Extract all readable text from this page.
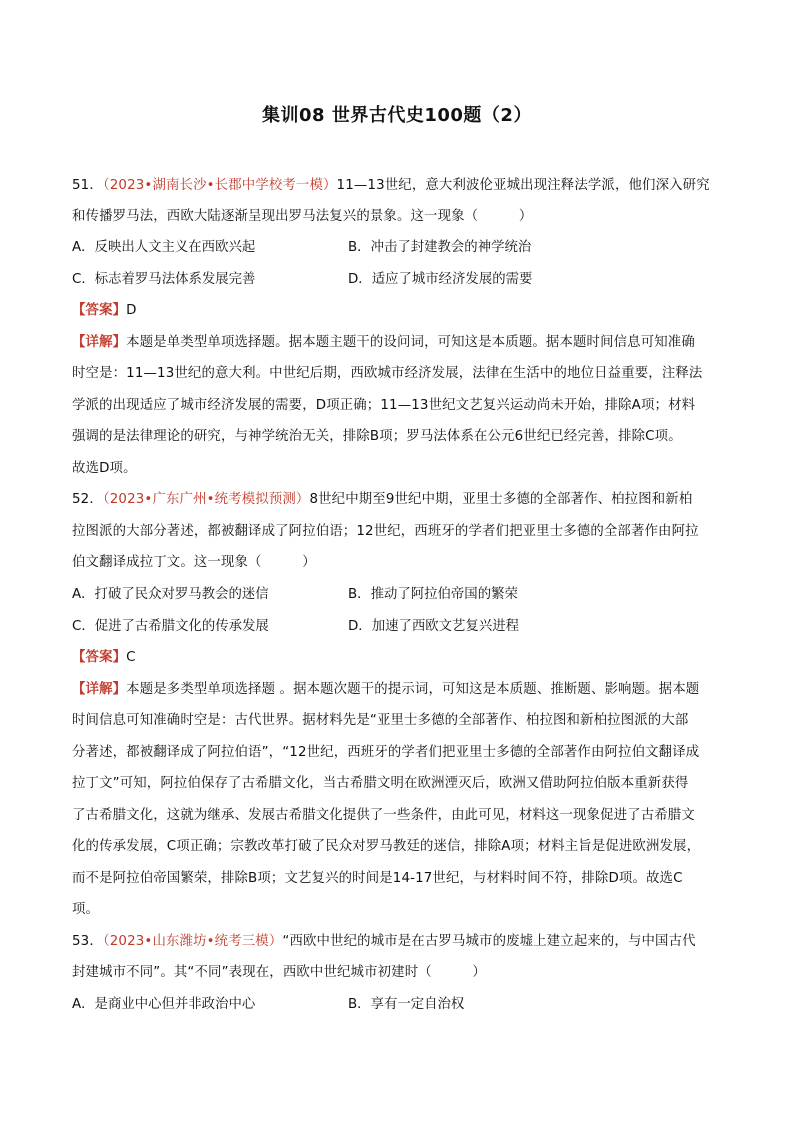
集训08 世界古代史100题（2）
51．（2023•湖南长沙•长郡中学校考一模）11—13世纪，意大利波伦亚城出现注释法学派，他们深入研究
和传播罗马法，西欧大陆逐渐呈现出罗马法复兴的景象。这一现象（　　　）
A．反映出人文主义在西欧兴起	B．冲击了封建教会的神学统治
C．标志着罗马法体系发展完善	D．适应了城市经济发展的需要
【答案】D
【详解】本题是单类型单项选择题。据本题主题干的设问词，可知这是本质题。据本题时间信息可知准确
时空是：11—13世纪的意大利。中世纪后期，西欧城市经济发展，法律在生活中的地位日益重要，注释法
学派的出现适应了城市经济发展的需要，D项正确；11—13世纪文艺复兴运动尚未开始，排除A项；材料
强调的是法律理论的研究，与神学统治无关，排除B项；罗马法体系在公元6世纪已经完善，排除C项。
故选D项。
52．（2023•广东广州•统考模拟预测）8世纪中期至9世纪中期，亚里士多德的全部著作、柏拉图和新柏
拉图派的大部分著述，都被翻译成了阿拉伯语；12世纪，西班牙的学者们把亚里士多德的全部著作由阿拉
伯文翻译成拉丁文。这一现象（　　　）
A．打破了民众对罗马教会的迷信	B．推动了阿拉伯帝国的繁荣
C．促进了古希腊文化的传承发展	D．加速了西欧文艺复兴进程
【答案】C
【详解】本题是多类型单项选择题 。据本题次题干的提示词，可知这是本质题、推断题、影响题。据本题
时间信息可知准确时空是：古代世界。据材料先是“亚里士多德的全部著作、柏拉图和新柏拉图派的大部
分著述，都被翻译成了阿拉伯语”，“12世纪，西班牙的学者们把亚里士多德的全部著作由阿拉伯文翻译成
拉丁文”可知，阿拉伯保存了古希腊文化，当古希腊文明在欧洲湮灭后，欧洲又借助阿拉伯版本重新获得
了古希腊文化，这就为继承、发展古希腊文化提供了一些条件，由此可见，材料这一现象促进了古希腊文
化的传承发展，C项正确；宗教改革打破了民众对罗马教廷的迷信，排除A项；材料主旨是促进欧洲发展，
而不是阿拉伯帝国繁荣，排除B项；文艺复兴的时间是14-17世纪，与材料时间不符，排除D项。故选C
项。
53．（2023•山东潍坊•统考三模）“西欧中世纪的城市是在古罗马城市的废墟上建立起来的，与中国古代
封建城市不同”。其“不同”表现在，西欧中世纪城市初建时（　　　）
A．是商业中心但并非政治中心	B．享有一定自治权
